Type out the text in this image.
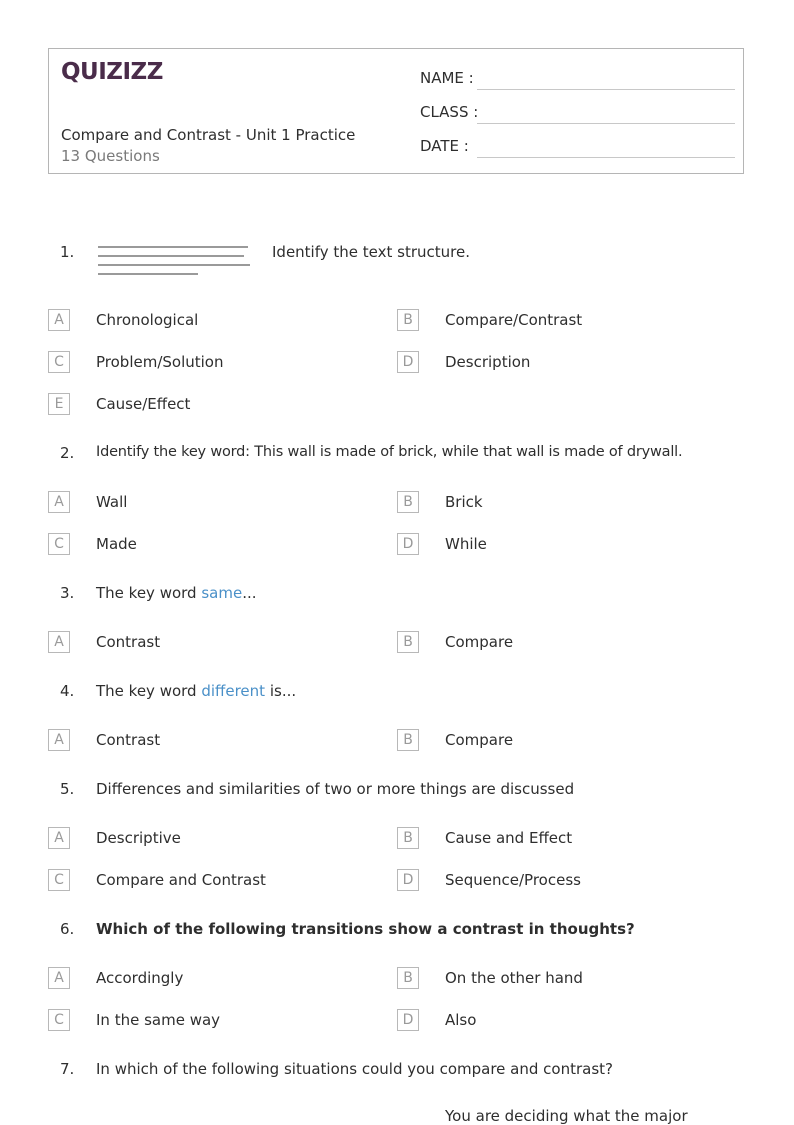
QUIZIZZ
Compare and Contrast - Unit 1 Practice
13 Questions
NAME :
CLASS :
DATE :
1.	Identify the text structure.
A	Chronological	B	Compare/Contrast
C	Problem/Solution	D	Description
E	Cause/Effect
2. Identify the key word: This wall is made of brick, while that wall is made of drywall.
A	Wall	B	Brick
C	Made	D	While
3. The key word same...
A	Contrast	B	Compare
4. The key word different is...
A	Contrast	B	Compare
5. Differences and similarities of two or more things are discussed
A	Descriptive	B	Cause and Effect
C	Compare and Contrast	D	Sequence/Process
6. Which of the following transitions show a contrast in thoughts?
A	Accordingly	B	On the other hand
C	In the same way	D	Also
7. In which of the following situations could you compare and contrast?
You are deciding what the major
